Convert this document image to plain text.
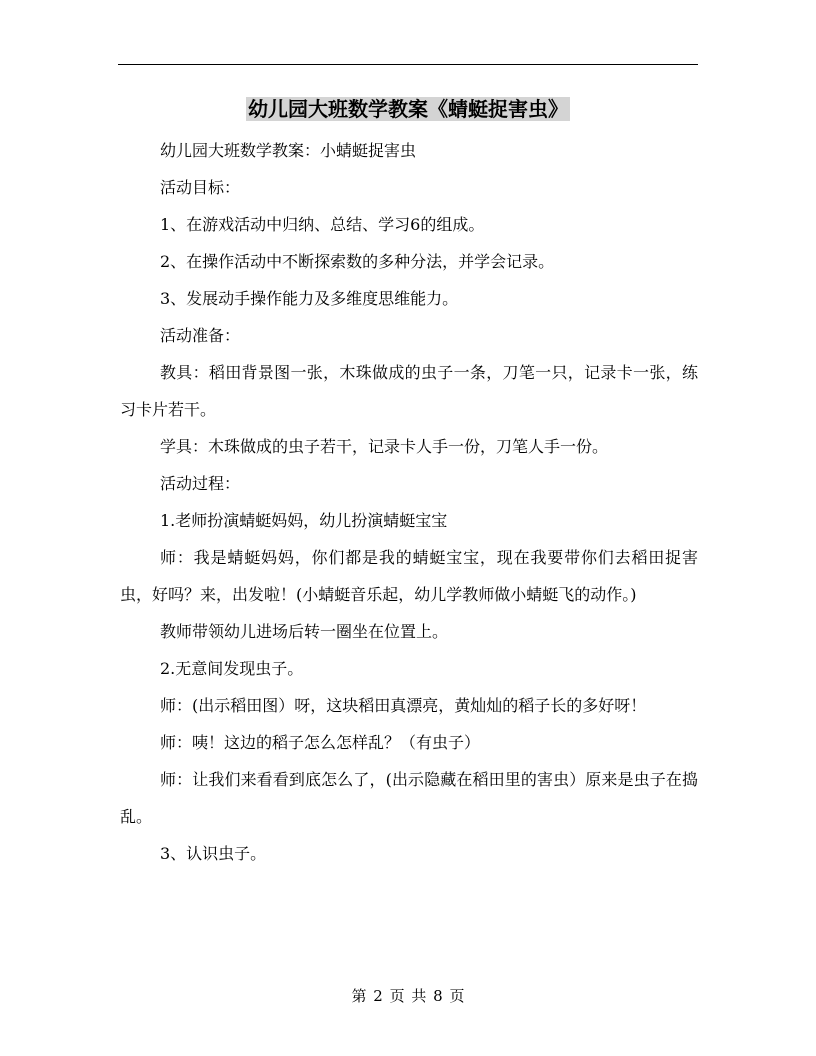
幼儿园大班数学教案《蜻蜓捉害虫》

幼儿园大班数学教案：小蜻蜓捉害虫

活动目标：

1、在游戏活动中归纳、总结、学习6的组成。

2、在操作活动中不断探索数的多种分法，并学会记录。

3、发展动手操作能力及多维度思维能力。

活动准备：

教具：稻田背景图一张，木珠做成的虫子一条，刀笔一只，记录卡一张，练习卡片若干。

学具：木珠做成的虫子若干，记录卡人手一份，刀笔人手一份。

活动过程：

1.老师扮演蜻蜓妈妈，幼儿扮演蜻蜓宝宝

师：我是蜻蜓妈妈，你们都是我的蜻蜓宝宝，现在我要带你们去稻田捉害虫，好吗？来，出发啦！(小蜻蜓音乐起，幼儿学教师做小蜻蜓飞的动作。)

教师带领幼儿进场后转一圈坐在位置上。

2.无意间发现虫子。

师：(出示稻田图）呀，这块稻田真漂亮，黄灿灿的稻子长的多好呀！

师：咦！这边的稻子怎么怎样乱？（有虫子）

师：让我们来看看到底怎么了，(出示隐藏在稻田里的害虫）原来是虫子在捣乱。

3、认识虫子。

第 2 页 共 8 页
